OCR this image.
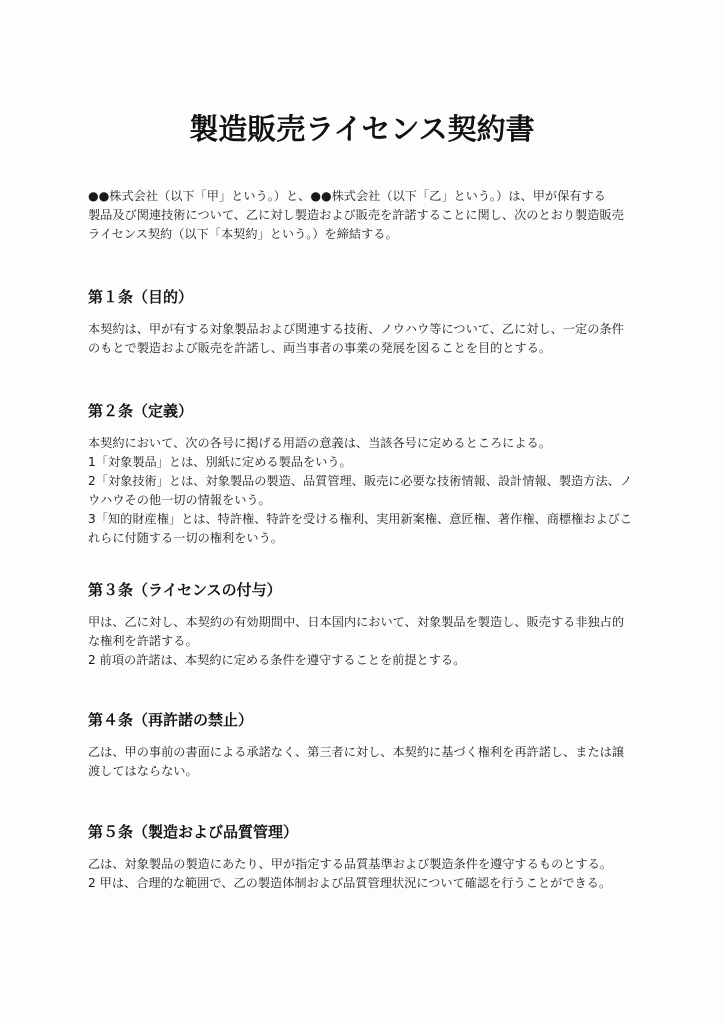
製造販売ライセンス契約書

●●株式会社（以下「甲」という。）と、●●株式会社（以下「乙」という。）は、甲が保有する
製品及び関連技術について、乙に対し製造および販売を許諾することに関し、次のとおり製造販売
ライセンス契約（以下「本契約」という。）を締結する。

第１条（目的）

本契約は、甲が有する対象製品および関連する技術、ノウハウ等について、乙に対し、一定の条件
のもとで製造および販売を許諾し、両当事者の事業の発展を図ることを目的とする。

第２条（定義）

本契約において、次の各号に掲げる用語の意義は、当該各号に定めるところによる。
1「対象製品」とは、別紙に定める製品をいう。
2「対象技術」とは、対象製品の製造、品質管理、販売に必要な技術情報、設計情報、製造方法、ノ
ウハウその他一切の情報をいう。
3「知的財産権」とは、特許権、特許を受ける権利、実用新案権、意匠権、著作権、商標権およびこ
れらに付随する一切の権利をいう。

第３条（ライセンスの付与）

甲は、乙に対し、本契約の有効期間中、日本国内において、対象製品を製造し、販売する非独占的
な権利を許諾する。
2 前項の許諾は、本契約に定める条件を遵守することを前提とする。

第４条（再許諾の禁止）

乙は、甲の事前の書面による承諾なく、第三者に対し、本契約に基づく権利を再許諾し、または譲
渡してはならない。

第５条（製造および品質管理）

乙は、対象製品の製造にあたり、甲が指定する品質基準および製造条件を遵守するものとする。
2 甲は、合理的な範囲で、乙の製造体制および品質管理状況について確認を行うことができる。
